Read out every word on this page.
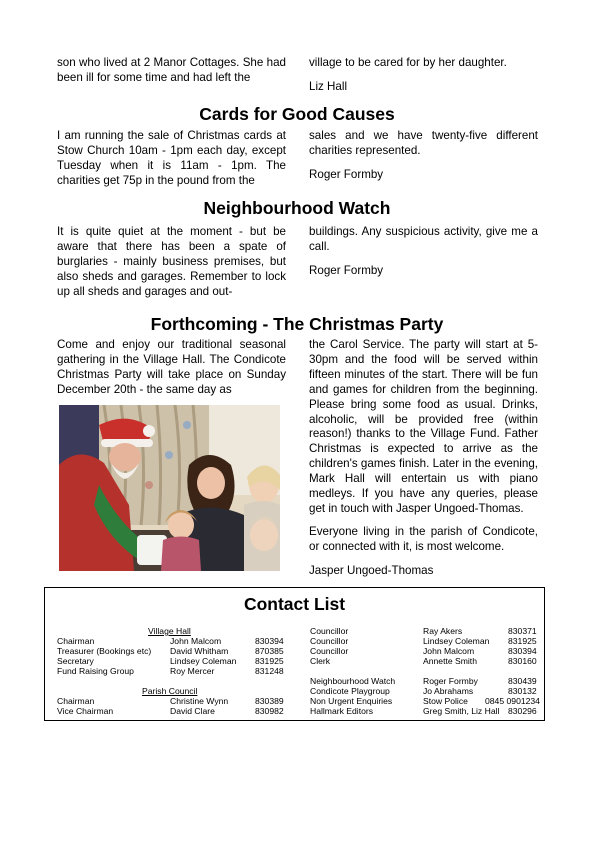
son who lived at 2 Manor Cottages. She had been ill for some time and had left the

village to be cared for by her daughter.

Liz Hall

Cards for Good Causes

I am running the sale of Christmas cards at Stow Church 10am - 1pm each day, except Tuesday when it is 11am - 1pm. The charities get 75p in the pound from the

sales and we have twenty-five different charities represented.

Roger Formby

Neighbourhood Watch

It is quite quiet at the moment - but be aware that there has been a spate of burglaries - mainly business premises, but also sheds and garages. Remember to lock up all sheds and garages and out-

buildings. Any suspicious activity, give me a call.

Roger Formby

Forthcoming - The Christmas Party

Come and enjoy our traditional seasonal gathering in the Village Hall. The Condicote Christmas Party will take place on Sunday December 20th - the same day as

the Carol Service. The party will start at 5-30pm and the food will be served within fifteen minutes of the start. There will be fun and games for children from the beginning. Please bring some food as usual. Drinks, alcoholic, will be provided free (within reason!) thanks to the Village Fund. Father Christmas is expected to arrive as the children's games finish. Later in the evening, Mark Hall will entertain us with piano medleys. If you have any queries, please get in touch with Jasper Ungoed-Thomas.

Everyone living in the parish of Condicote, or connected with it, is most welcome.

Jasper Ungoed-Thomas

Contact List
Village Hall
Chairman	John Malcom	830394
Treasurer (Bookings etc) David Whitham	870385
Secretary	Lindsey Coleman 831925
Fund Raising Group	Roy Mercer	831248
Parish Council
Chairman	Christine Wynn	830389
Vice Chairman	David Clare	830982
Councillor	Ray Akers	830371
Councillor	Lindsey Coleman 831925
Councillor	John Malcom	830394
Clerk	Annette Smith	830160
Neighbourhood Watch	Roger Formby	830439
Condicote Playgroup	Jo Abrahams	830132
Non Urgent Enquiries	Stow Police 0845 0901234
Hallmark Editors	Greg Smith, Liz Hall 830296
